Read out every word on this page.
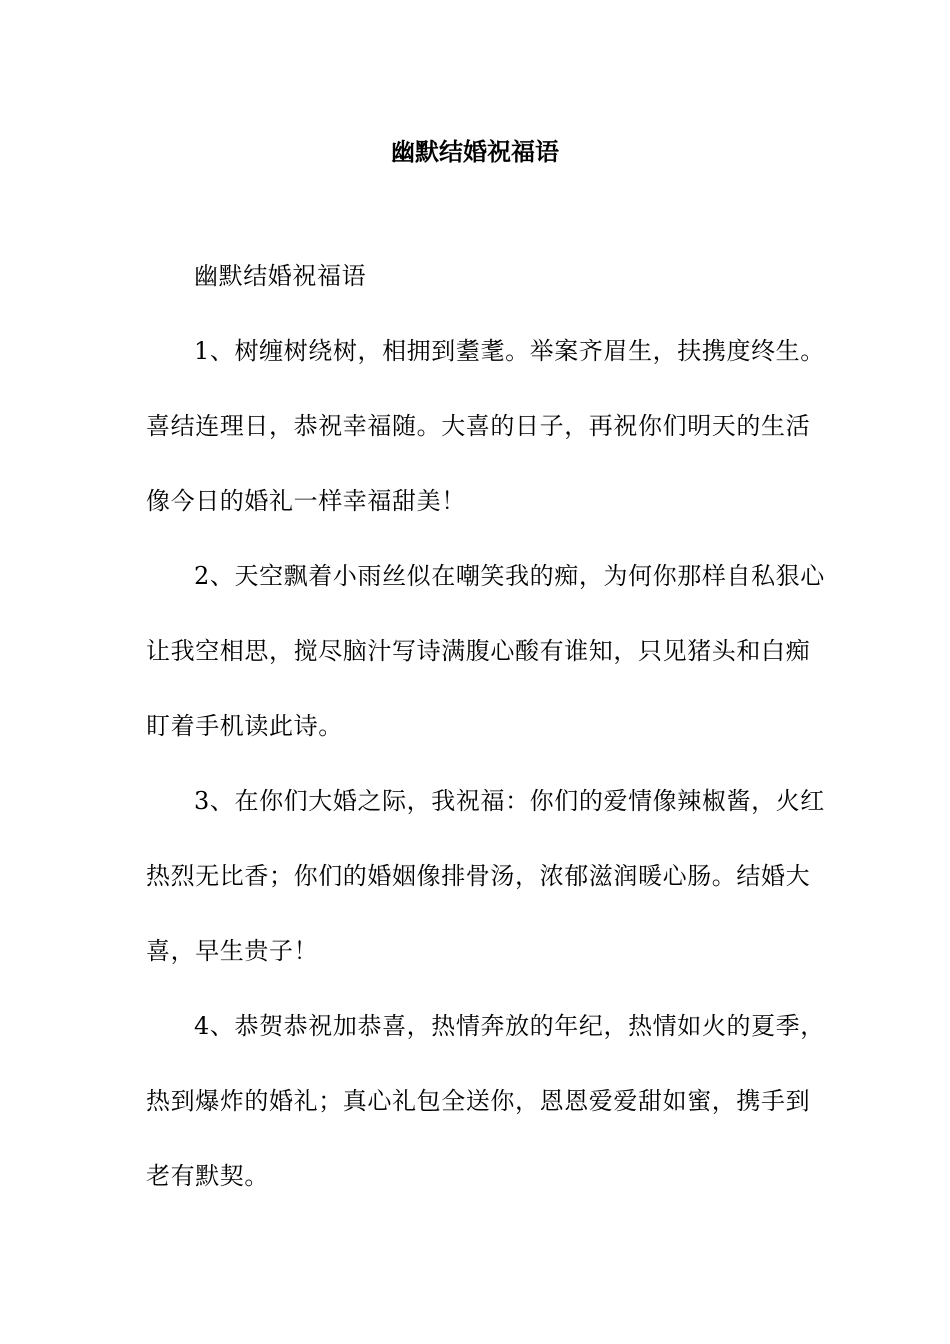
幽默结婚祝福语
幽默结婚祝福语
1、树缠树绕树，相拥到耋耄。举案齐眉生，扶携度终生。
喜结连理日，恭祝幸福随。大喜的日子，再祝你们明天的生活
像今日的婚礼一样幸福甜美！
2、天空飘着小雨丝似在嘲笑我的痴，为何你那样自私狠心
让我空相思，搅尽脑汁写诗满腹心酸有谁知，只见猪头和白痴
盯着手机读此诗。
3、在你们大婚之际，我祝福：你们的爱情像辣椒酱，火红
热烈无比香；你们的婚姻像排骨汤，浓郁滋润暖心肠。结婚大
喜，早生贵子！
4、恭贺恭祝加恭喜，热情奔放的年纪，热情如火的夏季，
热到爆炸的婚礼；真心礼包全送你，恩恩爱爱甜如蜜，携手到
老有默契。
